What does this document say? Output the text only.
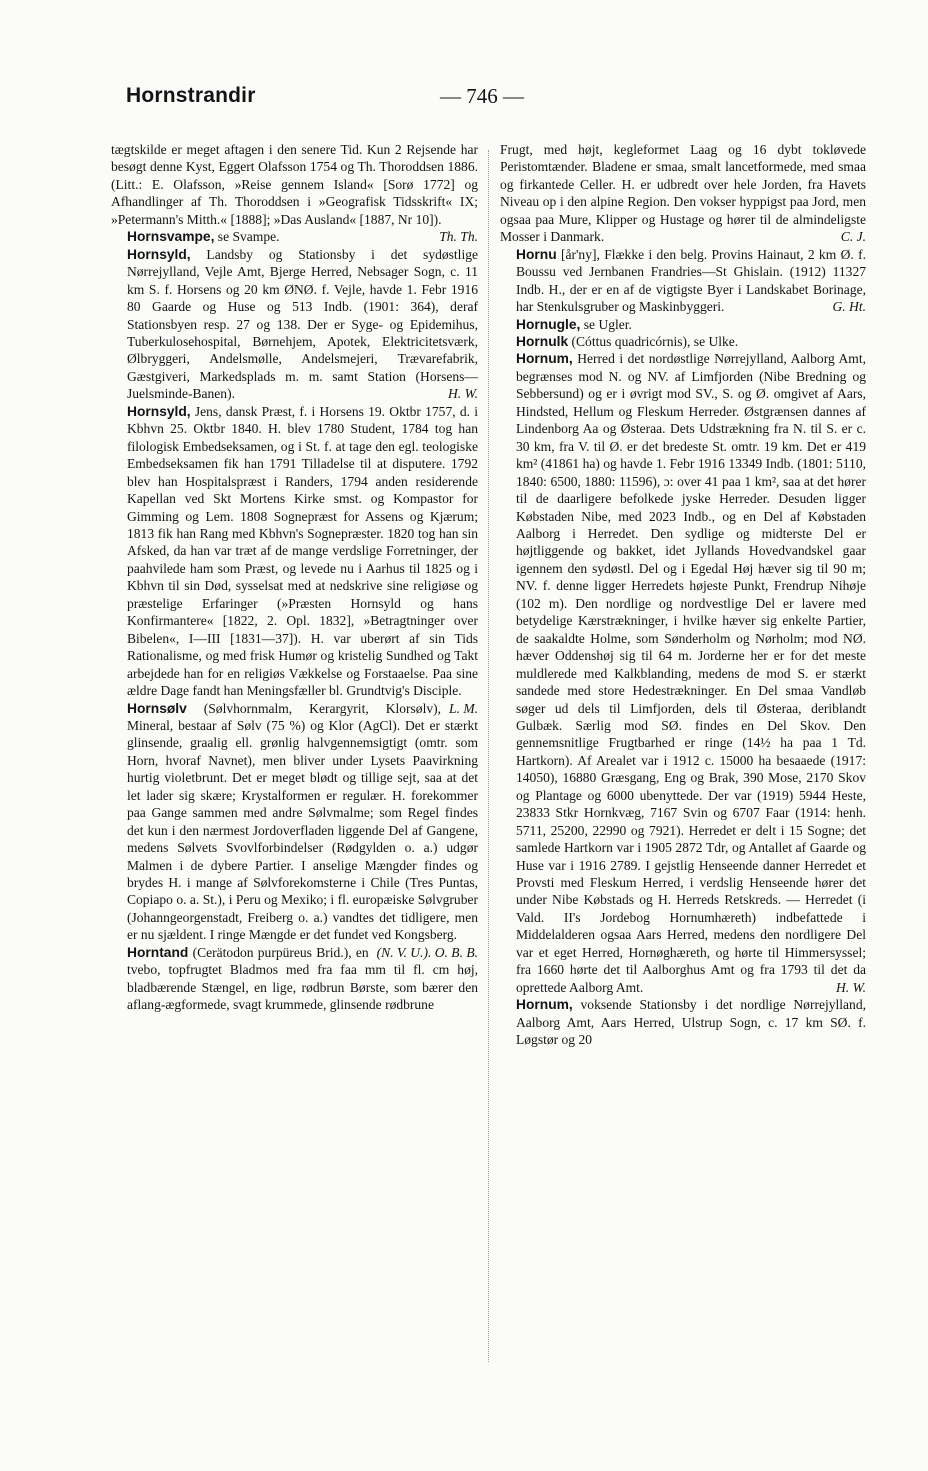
Hornstrandir	— 746 —

tægtskilde er meget aftagen i den senere Tid. Kun 2 Rejsende har besøgt denne Kyst, Eggert Olafsson 1754 og Th. Thoroddsen 1886. (Litt.: E. Olafsson, »Reise gennem Island« [Sorø 1772] og Afhandlinger af Th. Thoroddsen i »Geografisk Tidsskrift« IX; »Petermann's Mitth.« [1888]; »Das Ausland« [1887, Nr 10]).
Th. Th.

Hornsvampe, se Svampe.

Hornsyld, Landsby og Stationsby i det sydøstlige Nørrejylland, Vejle Amt, Bjerge Herred, Nebsager Sogn, c. 11 km S. f. Horsens og 20 km ØNØ. f. Vejle, havde 1. Febr 1916 80 Gaarde og Huse og 513 Indb. (1901: 364), deraf Stationsbyen resp. 27 og 138. Der er Syge- og Epidemihus, Tuberkulosehospital, Børnehjem, Apotek, Elektricitetsværk, Ølbryggeri, Andelsmølle, Andelsmejeri, Trævarefabrik, Gæstgiveri, Markedsplads m. m. samt Station (Horsens—Juelsminde-Banen).	H. W.

Hornsyld, Jens, dansk Præst, f. i Horsens 19. Oktbr 1757, d. i Kbhvn 25. Oktbr 1840. H. blev 1780 Student, 1784 tog han filologisk Embedseksamen, og i St. f. at tage den egl. teologiske Embedseksamen fik han 1791 Tilladelse til at disputere. 1792 blev han Hospitalspræst i Randers, 1794 anden residerende Kapellan ved Skt Mortens Kirke smst. og Kompastor for Gimming og Lem. 1808 Sognepræst for Assens og Kjærum; 1813 fik han Rang med Kbhvn's Sognepræster. 1820 tog han sin Afsked, da han var træt af de mange verdslige Forretninger, der paahvilede ham som Præst, og levede nu i Aarhus til 1825 og i Kbhvn til sin Død, sysselsat med at nedskrive sine religiøse og præstelige Erfaringer (»Præsten Hornsyld og hans Konfirmantere« [1822, 2. Opl. 1832], »Betragtninger over Bibelen«, I—III [1831—37]). H. var uberørt af sin Tids Rationalisme, og med frisk Humør og kristelig Sundhed og Takt arbejdede han for en religiøs Vækkelse og Forstaaelse. Paa sine ældre Dage fandt han Meningsfæller bl. Grundtvig's Disciple.
L. M.

Hornsølv (Sølvhornmalm, Kerargyrit, Klorsølv), Mineral, bestaar af Sølv (75 %) og Klor (AgCl). Det er stærkt glinsende, graalig ell. grønlig halvgennemsigtigt (omtr. som Horn, hvoraf Navnet), men bliver under Lysets Paavirkning hurtig violetbrunt. Det er meget blødt og tillige sejt, saa at det let lader sig skære; Krystalformen er regulær. H. forekommer paa Gange sammen med andre Sølvmalme; som Regel findes det kun i den nærmest Jordoverfladen liggende Del af Gangene, medens Sølvets Svovlforbindelser (Rødgylden o. a.) udgør Malmen i de dybere Partier. I anselige Mængder findes og brydes H. i mange af Sølvforekomsterne i Chile (Tres Puntas, Copiapo o. a. St.), i Peru og Mexiko; i fl. europæiske Sølvgruber (Johanngeorgenstadt, Freiberg o. a.) vandtes det tidligere, men er nu sjældent. I ringe Mængde er det fundet ved Kongsberg.
(N. V. U.). O. B. B.

Horntand (Cerätodon purpüreus Brid.), en tvebo, topfrugtet Bladmos med fra faa mm til fl. cm høj, bladbærende Stængel, en lige, rødbrun Børste, som bærer den aflang-ægformede, svagt krummede, glinsende rødbrune

Frugt, med højt, kegleformet Laag og 16 dybt tokløvede Peristomtænder. Bladene er smaa, smalt lancetformede, med smaa og firkantede Celler. H. er udbredt over hele Jorden, fra Havets Niveau op i den alpine Region. Den vokser hyppigst paa Jord, men ogsaa paa Mure, Klipper og Hustage og hører til de almindeligste Mosser i Danmark.	C. J.

Hornu [år'ny], Flække i den belg. Provins Hainaut, 2 km Ø. f. Boussu ved Jernbanen Frandries—St Ghislain. (1912) 11327 Indb. H., der er en af de vigtigste Byer i Landskabet Borinage, har Stenkulsgruber og Maskinbyggeri.	G. Ht.

Hornugle, se Ugler.

Hornulk (Cóttus quadricórnis), se Ulke.

Hornum, Herred i det nordøstlige Nørrejylland, Aalborg Amt, begrænses mod N. og NV. af Limfjorden (Nibe Bredning og Sebbersund) og er i øvrigt mod SV., S. og Ø. omgivet af Aars, Hindsted, Hellum og Fleskum Herreder. Østgrænsen dannes af Lindenborg Aa og Østeraa. Dets Udstrækning fra N. til S. er c. 30 km, fra V. til Ø. er det bredeste St. omtr. 19 km. Det er 419 km² (41861 ha) og havde 1. Febr 1916 13349 Indb. (1801: 5110, 1840: 6500, 1880: 11596), ɔ: over 41 paa 1 km², saa at det hører til de daarligere befolkede jyske Herreder. Desuden ligger Købstaden Nibe, med 2023 Indb., og en Del af Købstaden Aalborg i Herredet. Den sydlige og midterste Del er højtliggende og bakket, idet Jyllands Hovedvandskel gaar igennem den sydøstl. Del og i Egedal Høj hæver sig til 90 m; NV. f. denne ligger Herredets højeste Punkt, Frendrup Nihøje (102 m). Den nordlige og nordvestlige Del er lavere med betydelige Kærstrækninger, i hvilke hæver sig enkelte Partier, de saakaldte Holme, som Sønderholm og Nørholm; mod NØ. hæver Oddenshøj sig til 64 m. Jorderne her er for det meste muldlerede med Kalkblanding, medens de mod S. er stærkt sandede med store Hedestrækninger. En Del smaa Vandløb søger ud dels til Limfjorden, dels til Østeraa, deriblandt Gulbæk. Særlig mod SØ. findes en Del Skov. Den gennemsnitlige Frugtbarhed er ringe (14½ ha paa 1 Td. Hartkorn). Af Arealet var i 1912 c. 15000 ha besaaede (1917: 14050), 16880 Græsgang, Eng og Brak, 390 Mose, 2170 Skov og Plantage og 6000 ubenyttede. Der var (1919) 5944 Heste, 23833 Stkr Hornkvæg, 7167 Svin og 6707 Faar (1914: henh. 5711, 25200, 22990 og 7921). Herredet er delt i 15 Sogne; det samlede Hartkorn var i 1905 2872 Tdr, og Antallet af Gaarde og Huse var i 1916 2789. I gejstlig Henseende danner Herredet et Provsti med Fleskum Herred, i verdslig Henseende hører det under Nibe Købstads og H. Herreds Retskreds. — Herredet (i Vald. II's Jordebog Hornumhæreth) indbefattede i Middelalderen ogsaa Aars Herred, medens den nordligere Del var et eget Herred, Hornøghæreth, og hørte til Himmersyssel; fra 1660 hørte det til Aalborghus Amt og fra 1793 til det da oprettede Aalborg Amt.	H. W.

Hornum, voksende Stationsby i det nordlige Nørrejylland, Aalborg Amt, Aars Herred, Ulstrup Sogn, c. 17 km SØ. f. Løgstør og 20
